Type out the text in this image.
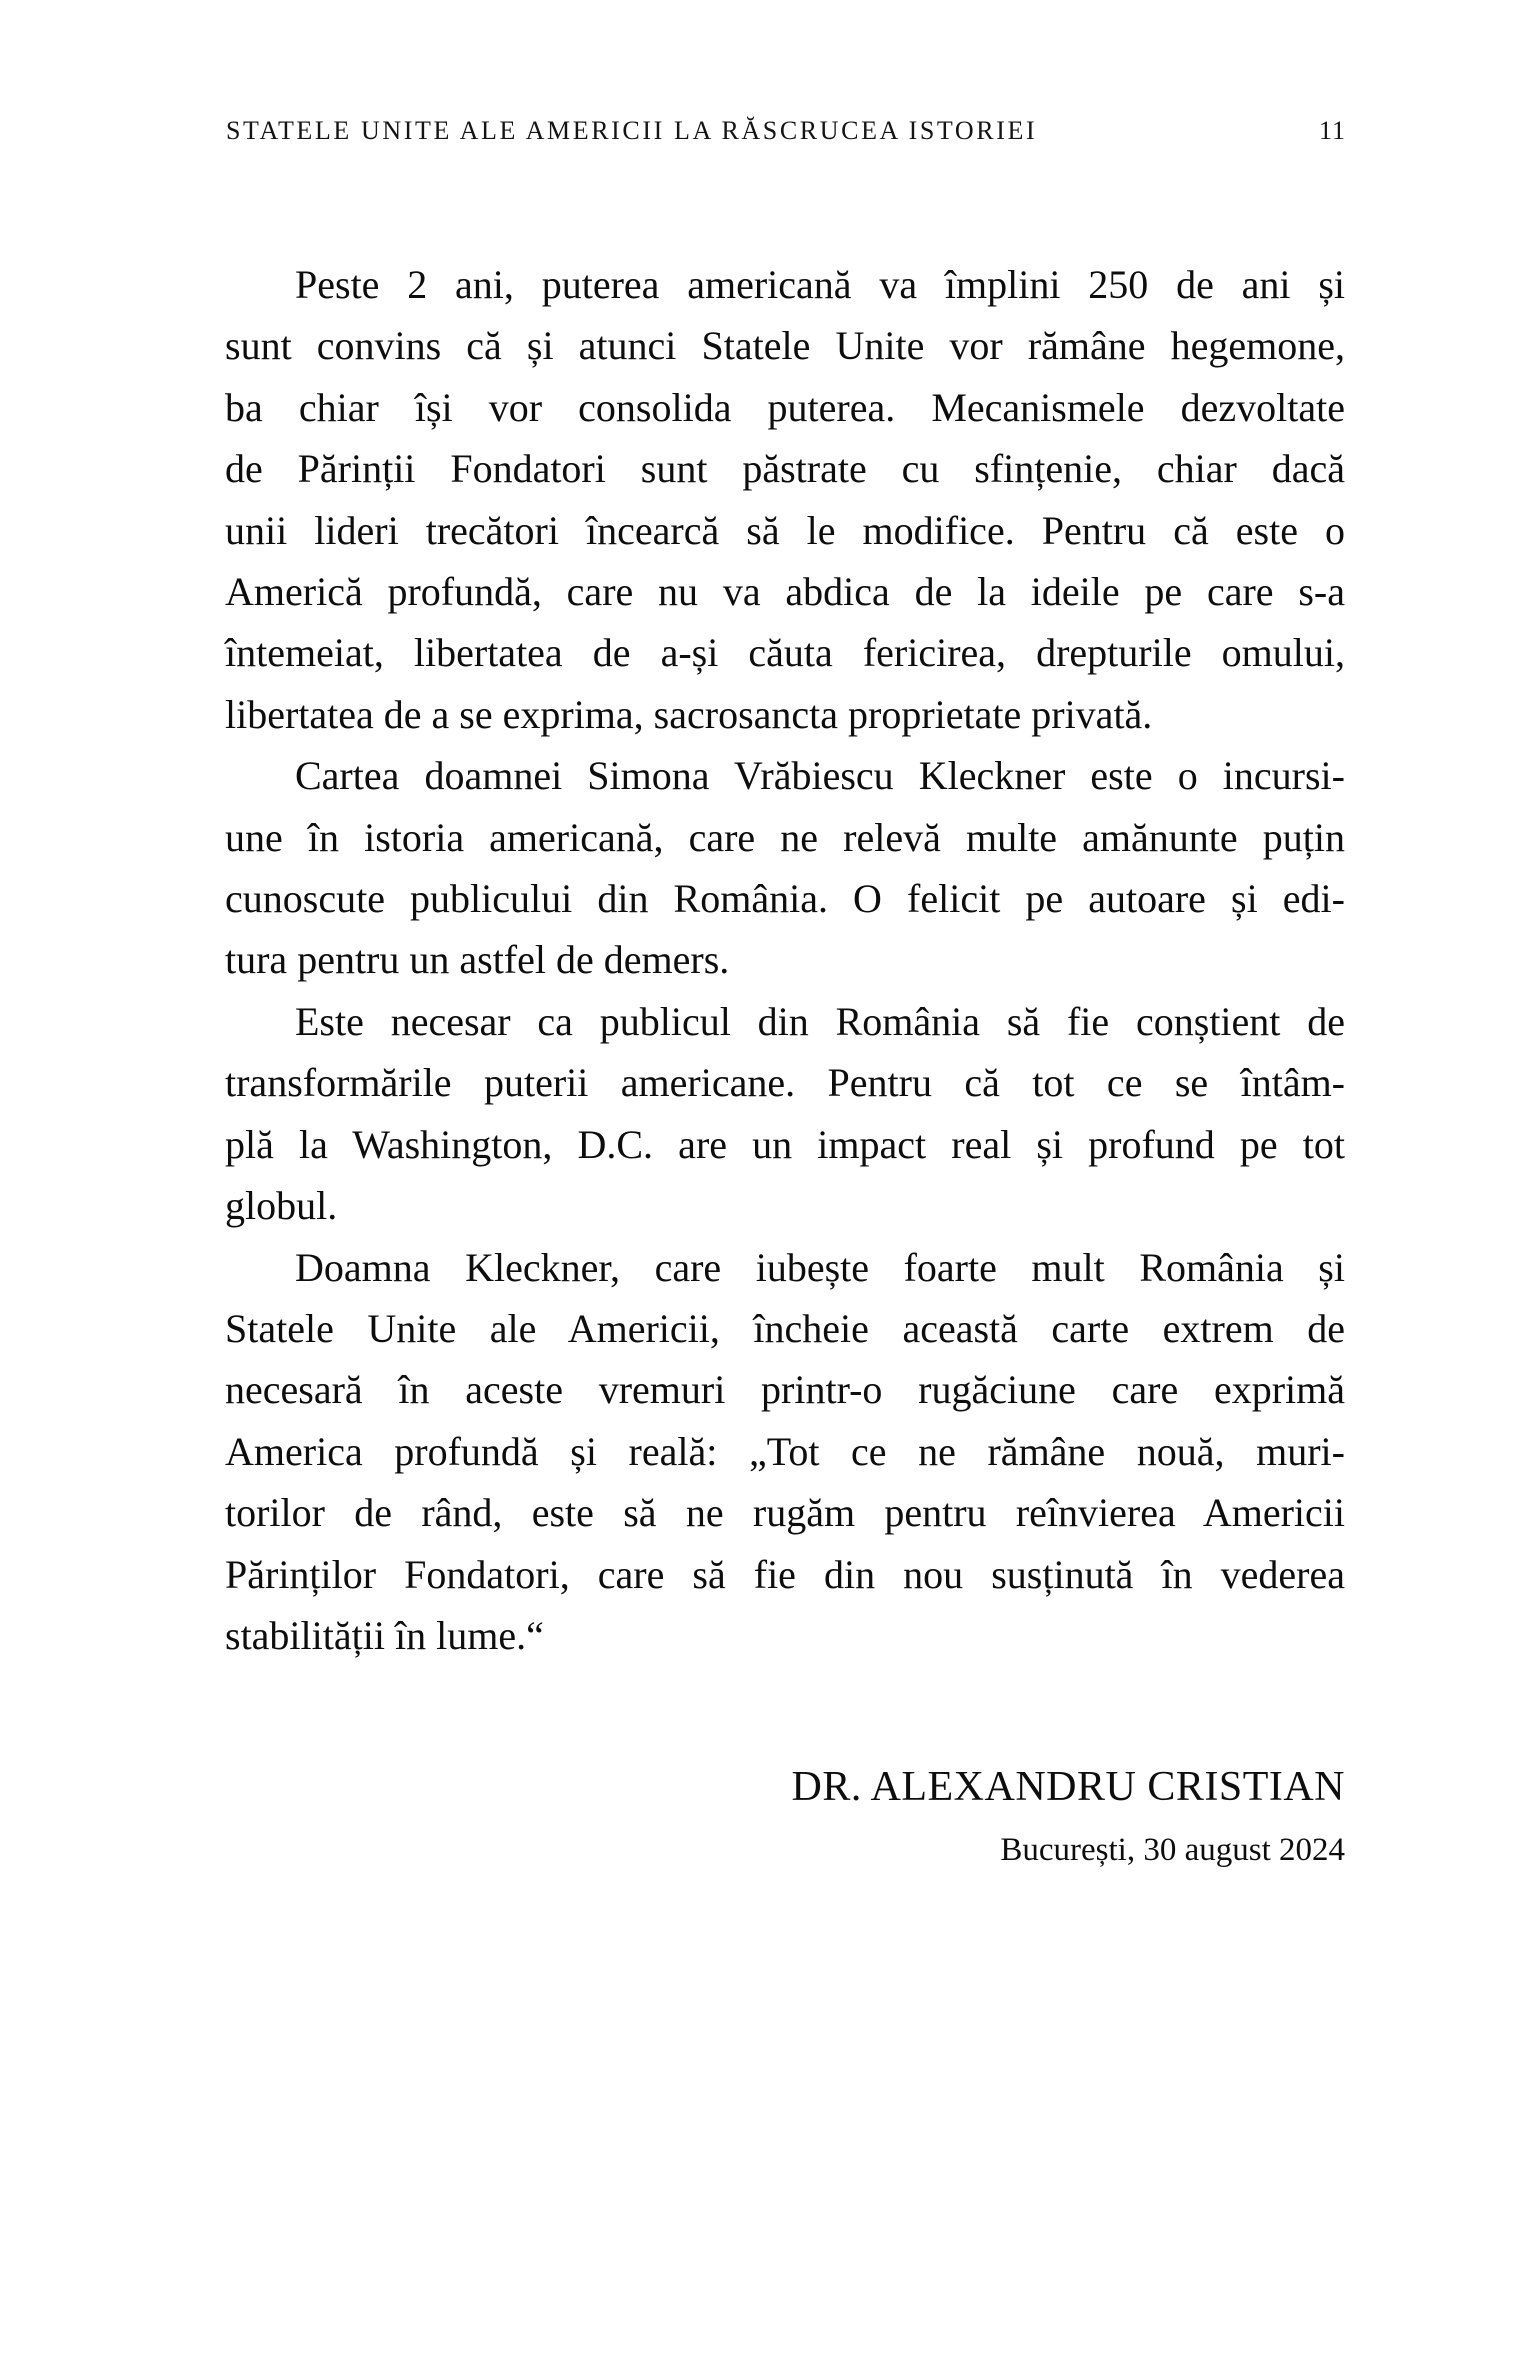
STATELE UNITE ALE AMERICII LA RĂSCRUCEA ISTORIEI	11
Peste 2 ani, puterea americană va împlini 250 de ani și
sunt convins că și atunci Statele Unite vor rămâne hegemone,
ba chiar își vor consolida puterea. Mecanismele dezvoltate
de Părinții Fondatori sunt păstrate cu sfințenie, chiar dacă
unii lideri trecători încearcă să le modifice. Pentru că este o
Americă profundă, care nu va abdica de la ideile pe care s-a
întemeiat, libertatea de a-și căuta fericirea, drepturile omului,
libertatea de a se exprima, sacrosancta proprietate privată.
Cartea doamnei Simona Vrăbiescu Kleckner este o incursi-
une în istoria americană, care ne relevă multe amănunte puțin
cunoscute publicului din România. O felicit pe autoare și edi-
tura pentru un astfel de demers.
Este necesar ca publicul din România să fie conștient de
transformările puterii americane. Pentru că tot ce se întâm-
plă la Washington, D.C. are un impact real și profund pe tot
globul.
Doamna Kleckner, care iubește foarte mult România și
Statele Unite ale Americii, încheie această carte extrem de
necesară în aceste vremuri printr-o rugăciune care exprimă
America profundă și reală: „Tot ce ne rămâne nouă, muri-
torilor de rând, este să ne rugăm pentru reînvierea Americii
Părinților Fondatori, care să fie din nou susținută în vederea
stabilității în lume.“
DR. ALEXANDRU CRISTIAN
București, 30 august 2024
